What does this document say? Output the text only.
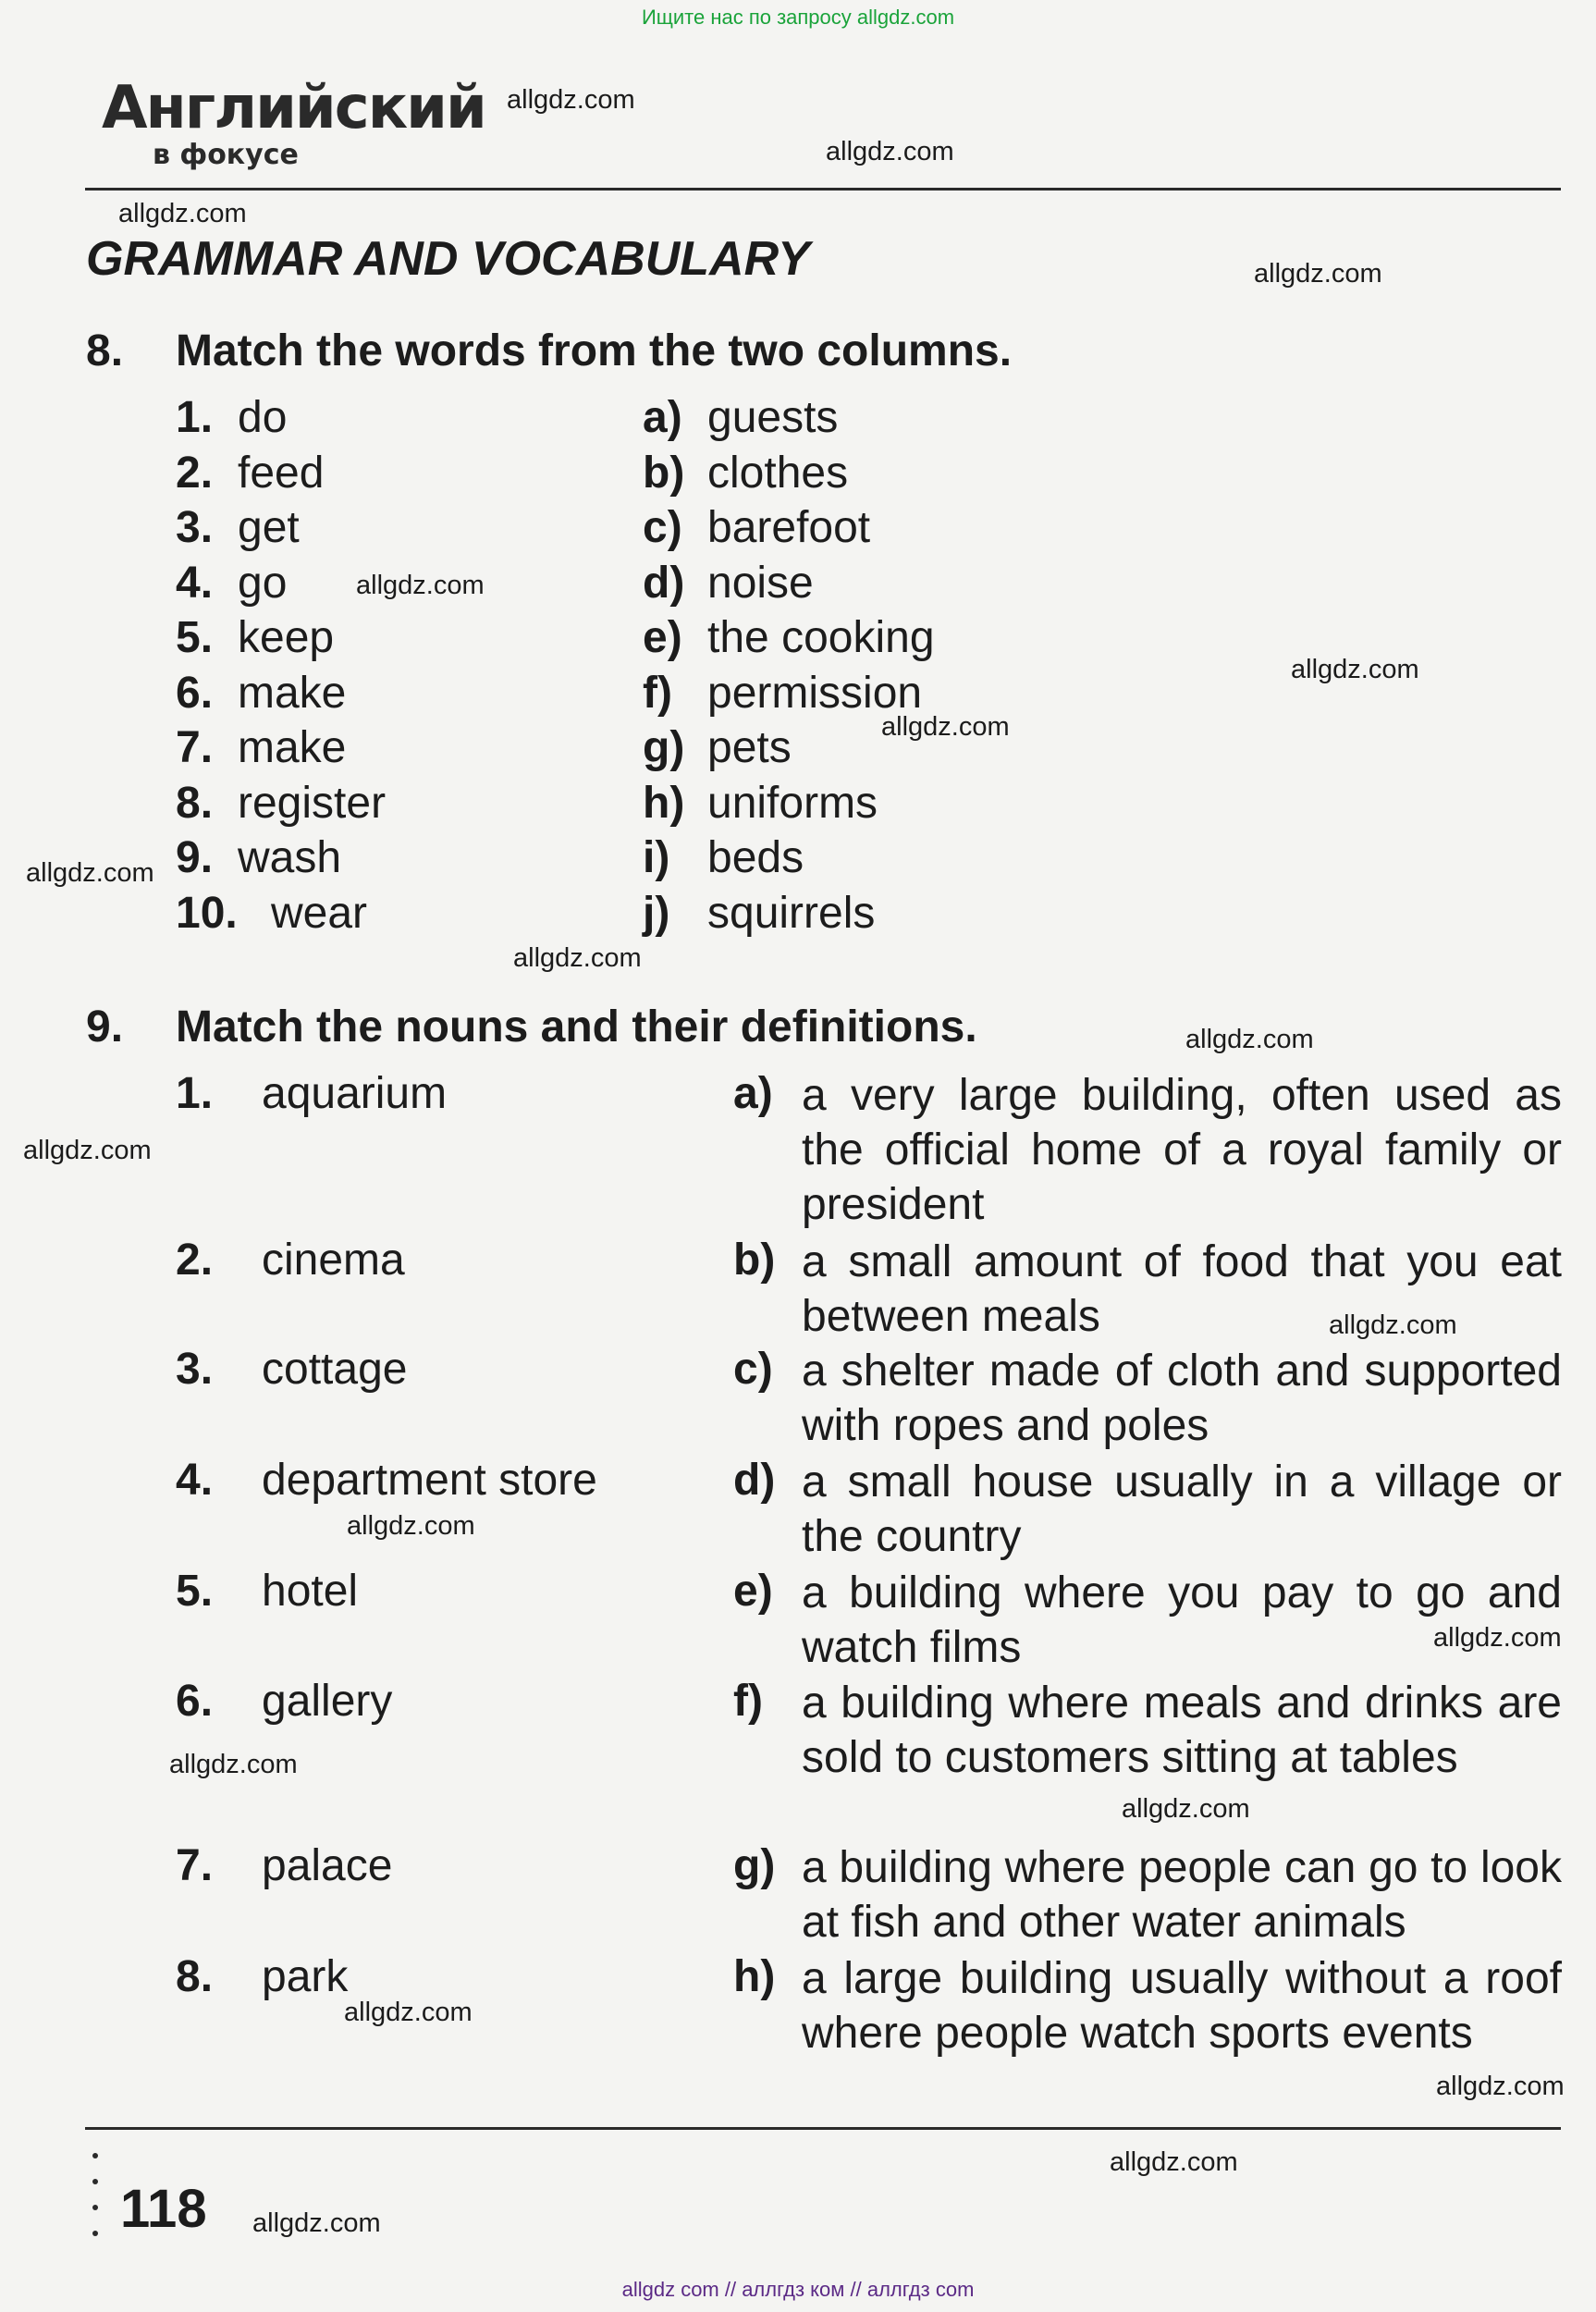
Ищите нас по запросу allgdz.com
Английский
в фокусе
GRAMMAR AND VOCABULARY
8. Match the words from the two columns.
1. do
2. feed
3. get
4. go
5. keep
6. make
7. make
8. register
9. wash
10. wear
a) guests
b) clothes
c) barefoot
d) noise
e) the cooking
f) permission
g) pets
h) uniforms
i) beds
j) squirrels
9. Match the nouns and their definitions.
1. aquarium
2. cinema
3. cottage
4. department store
5. hotel
6. gallery
7. palace
8. park
a) a very large building, often used as the official home of a royal family or president
b) a small amount of food that you eat between meals
c) a shelter made of cloth and supported with ropes and poles
d) a small house usually in a village or the country
e) a building where you pay to go and watch films
f) a building where meals and drinks are sold to customers sitting at tables
g) a building where people can go to look at fish and other water animals
h) a large building usually without a roof where people watch sports events
118
allgdz com // аллгдз ком // аллгдз com
allgdz.com
allgdz.com
allgdz.com
allgdz.com
allgdz.com
allgdz.com
allgdz.com
allgdz.com
allgdz.com
allgdz.com
allgdz.com
allgdz.com
allgdz.com
allgdz.com
allgdz.com
allgdz.com
allgdz.com
allgdz.com
allgdz.com
allgdz.com
